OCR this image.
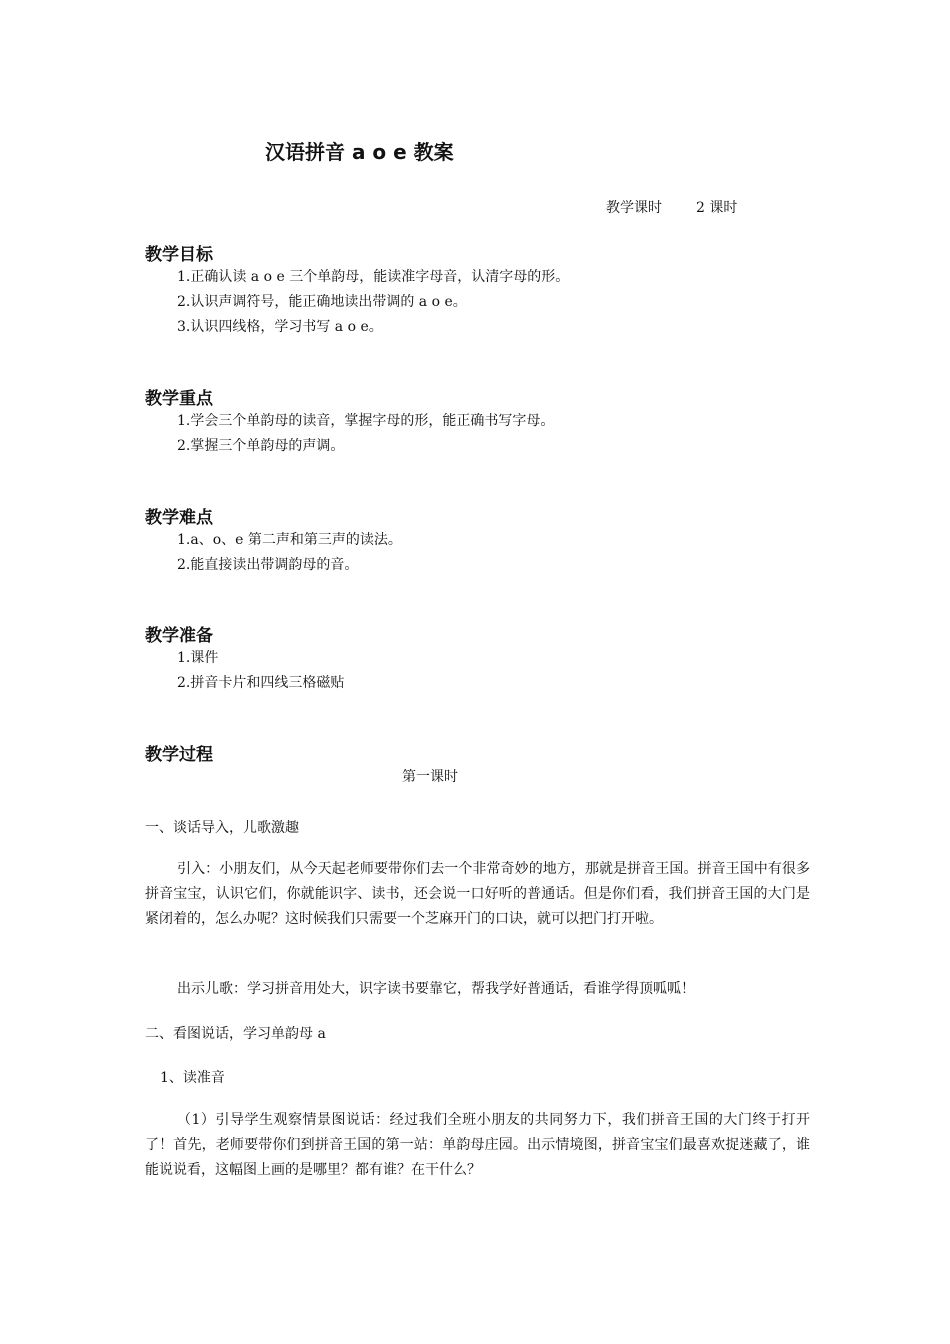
汉语拼音 a o e 教案
教学课时 2 课时
教学目标
1.正确认读 a o e 三个单韵母，能读准字母音，认清字母的形。
2.认识声调符号，能正确地读出带调的 a o e。
3.认识四线格，学习书写 a o e。
教学重点
1.学会三个单韵母的读音，掌握字母的形，能正确书写字母。
2.掌握三个单韵母的声调。
教学难点
1.a、o、e 第二声和第三声的读法。
2.能直接读出带调韵母的音。
教学准备
1.课件
2.拼音卡片和四线三格磁贴
教学过程
第一课时
一、谈话导入，儿歌激趣
引入：小朋友们，从今天起老师要带你们去一个非常奇妙的地方，那就是拼音王国。拼音王国中有很多拼音宝宝，认识它们，你就能识字、读书，还会说一口好听的普通话。但是你们看，我们拼音王国的大门是紧闭着的，怎么办呢？这时候我们只需要一个芝麻开门的口诀，就可以把门打开啦。
出示儿歌：学习拼音用处大，识字读书要靠它，帮我学好普通话，看谁学得顶呱呱！
二、看图说话，学习单韵母 a
1、读准音
（1）引导学生观察情景图说话：经过我们全班小朋友的共同努力下，我们拼音王国的大门终于打开了！首先，老师要带你们到拼音王国的第一站：单韵母庄园。出示情境图，拼音宝宝们最喜欢捉迷藏了，谁能说说看，这幅图上画的是哪里？都有谁？在干什么？
